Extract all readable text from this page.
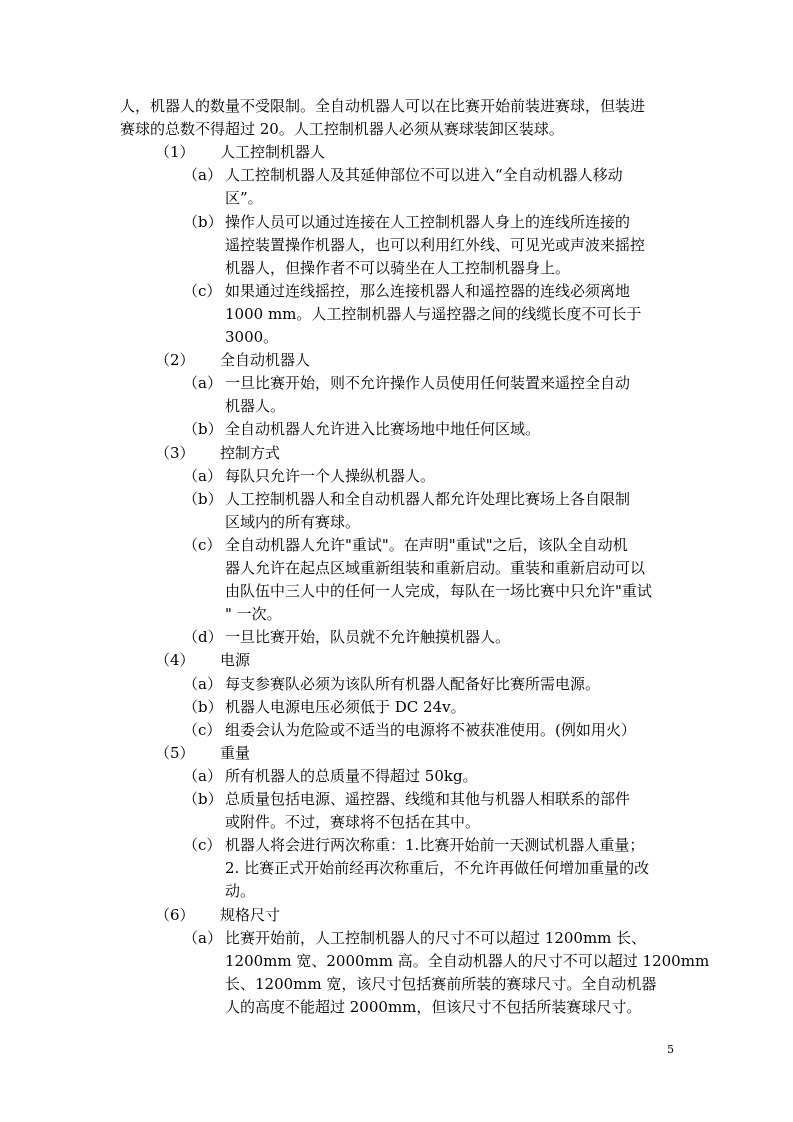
人，机器人的数量不受限制。全自动机器人可以在比赛开始前装进赛球，但装进
赛球的总数不得超过 20。人工控制机器人必须从赛球装卸区装球。
（1） 人工控制机器人
（a） 人工控制机器人及其延伸部位不可以进入“全自动机器人移动
区”。
（b） 操作人员可以通过连接在人工控制机器人身上的连线所连接的
遥控装置操作机器人，也可以利用红外线、可见光或声波来摇控
机器人，但操作者不可以骑坐在人工控制机器身上。
（c） 如果通过连线摇控，那么连接机器人和遥控器的连线必须离地
1000 mm。人工控制机器人与遥控器之间的线缆长度不可长于
3000。
（2） 全自动机器人
（a） 一旦比赛开始，则不允许操作人员使用任何装置来遥控全自动
机器人。
（b） 全自动机器人允许进入比赛场地中地任何区域。
（3） 控制方式
（a） 每队只允许一个人操纵机器人。
（b） 人工控制机器人和全自动机器人都允许处理比赛场上各自限制
区域内的所有赛球。
（c） 全自动机器人允许"重试"。在声明"重试"之后，该队全自动机
器人允许在起点区域重新组装和重新启动。重装和重新启动可以
由队伍中三人中的任何一人完成，每队在一场比赛中只允许"重试
" 一次。
（d） 一旦比赛开始，队员就不允许触摸机器人。
（4） 电源
（a） 每支参赛队必须为该队所有机器人配备好比赛所需电源。
（b） 机器人电源电压必须低于 DC 24v。
（c） 组委会认为危险或不适当的电源将不被获准使用。(例如用火）
（5） 重量
（a） 所有机器人的总质量不得超过 50kg。
（b） 总质量包括电源、遥控器、线缆和其他与机器人相联系的部件
或附件。不过，赛球将不包括在其中。
（c） 机器人将会进行两次称重：1.比赛开始前一天测试机器人重量；
2. 比赛正式开始前经再次称重后，不允许再做任何增加重量的改
动。
（6） 规格尺寸
（a） 比赛开始前，人工控制机器人的尺寸不可以超过 1200mm 长、
1200mm 宽、2000mm 高。全自动机器人的尺寸不可以超过 1200mm
长、1200mm 宽，该尺寸包括赛前所装的赛球尺寸。全自动机器
人的高度不能超过 2000mm，但该尺寸不包括所装赛球尺寸。
5
